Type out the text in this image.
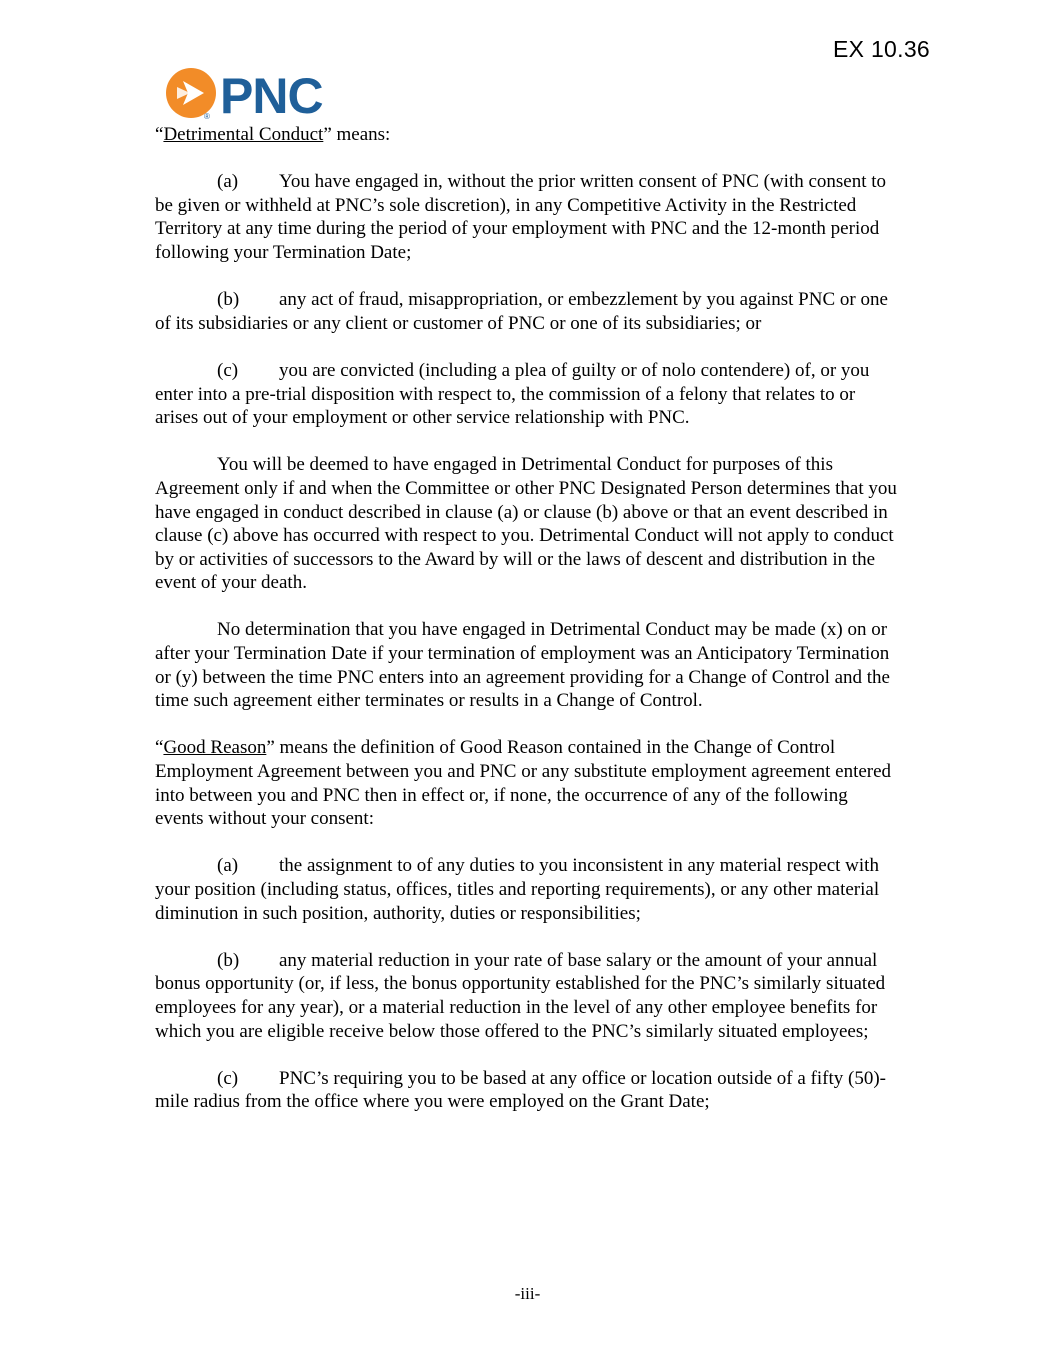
EX 10.36
PNC
®

“Detrimental Conduct” means:

(a) You have engaged in, without the prior written consent of PNC (with consent to be given or withheld at PNC’s sole discretion), in any Competitive Activity in the Restricted Territory at any time during the period of your employment with PNC and the 12-month period following your Termination Date;

(b) any act of fraud, misappropriation, or embezzlement by you against PNC or one of its subsidiaries or any client or customer of PNC or one of its subsidiaries; or

(c) you are convicted (including a plea of guilty or of nolo contendere) of, or you enter into a pre-trial disposition with respect to, the commission of a felony that relates to or arises out of your employment or other service relationship with PNC.

You will be deemed to have engaged in Detrimental Conduct for purposes of this Agreement only if and when the Committee or other PNC Designated Person determines that you have engaged in conduct described in clause (a) or clause (b) above or that an event described in clause (c) above has occurred with respect to you. Detrimental Conduct will not apply to conduct by or activities of successors to the Award by will or the laws of descent and distribution in the event of your death.

No determination that you have engaged in Detrimental Conduct may be made (x) on or after your Termination Date if your termination of employment was an Anticipatory Termination or (y) between the time PNC enters into an agreement providing for a Change of Control and the time such agreement either terminates or results in a Change of Control.

“Good Reason” means the definition of Good Reason contained in the Change of Control Employment Agreement between you and PNC or any substitute employment agreement entered into between you and PNC then in effect or, if none, the occurrence of any of the following events without your consent:

(a) the assignment to of any duties to you inconsistent in any material respect with your position (including status, offices, titles and reporting requirements), or any other material diminution in such position, authority, duties or responsibilities;

(b) any material reduction in your rate of base salary or the amount of your annual bonus opportunity (or, if less, the bonus opportunity established for the PNC’s similarly situated employees for any year), or a material reduction in the level of any other employee benefits for which you are eligible receive below those offered to the PNC’s similarly situated employees;

(c) PNC’s requiring you to be based at any office or location outside of a fifty (50)-mile radius from the office where you were employed on the Grant Date;

-iii-
